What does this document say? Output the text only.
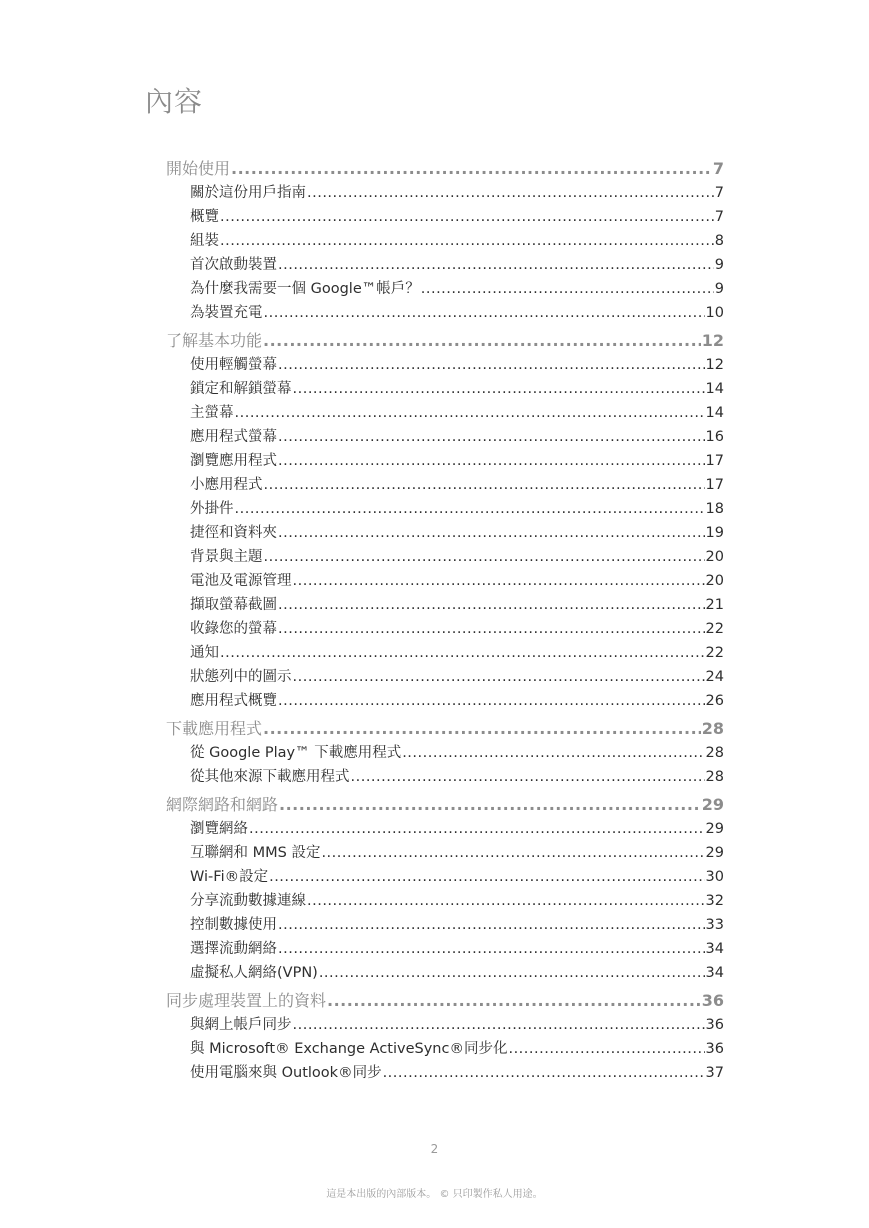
內容
開始使用 .....	7
關於這份用戶指南 .....	7
概覽 .....	7
組裝 .....	8
首次啟動裝置 .....	9
為什麼我需要一個 Google™帳戶？ .....	9
為裝置充電 .....	10
了解基本功能 .....	12
使用輕觸螢幕 .....	12
鎖定和解鎖螢幕 .....	14
主螢幕 .....	14
應用程式螢幕 .....	16
瀏覽應用程式 .....	17
小應用程式 .....	17
外掛件 .....	18
捷徑和資料夾 .....	19
背景與主題 .....	20
電池及電源管理 .....	20
擷取螢幕截圖 .....	21
收錄您的螢幕 .....	22
通知 .....	22
狀態列中的圖示 .....	24
應用程式概覽 .....	26
下載應用程式 .....	28
從 Google Play™ 下載應用程式 .....	28
從其他來源下載應用程式 .....	28
網際網路和網路 .....	29
瀏覽網絡 .....	29
互聯網和 MMS 設定 .....	29
Wi-Fi®設定 .....	30
分享流動數據連線 .....	32
控制數據使用 .....	33
選擇流動網絡 .....	34
虛擬私人網絡(VPN) .....	34
同步處理裝置上的資料 .....	36
與網上帳戶同步 .....	36
與 Microsoft® Exchange ActiveSync®同步化 .....	36
使用電腦來與 Outlook®同步 .....	37
2
這是本出版的內部版本。 © 只印製作私人用途。
